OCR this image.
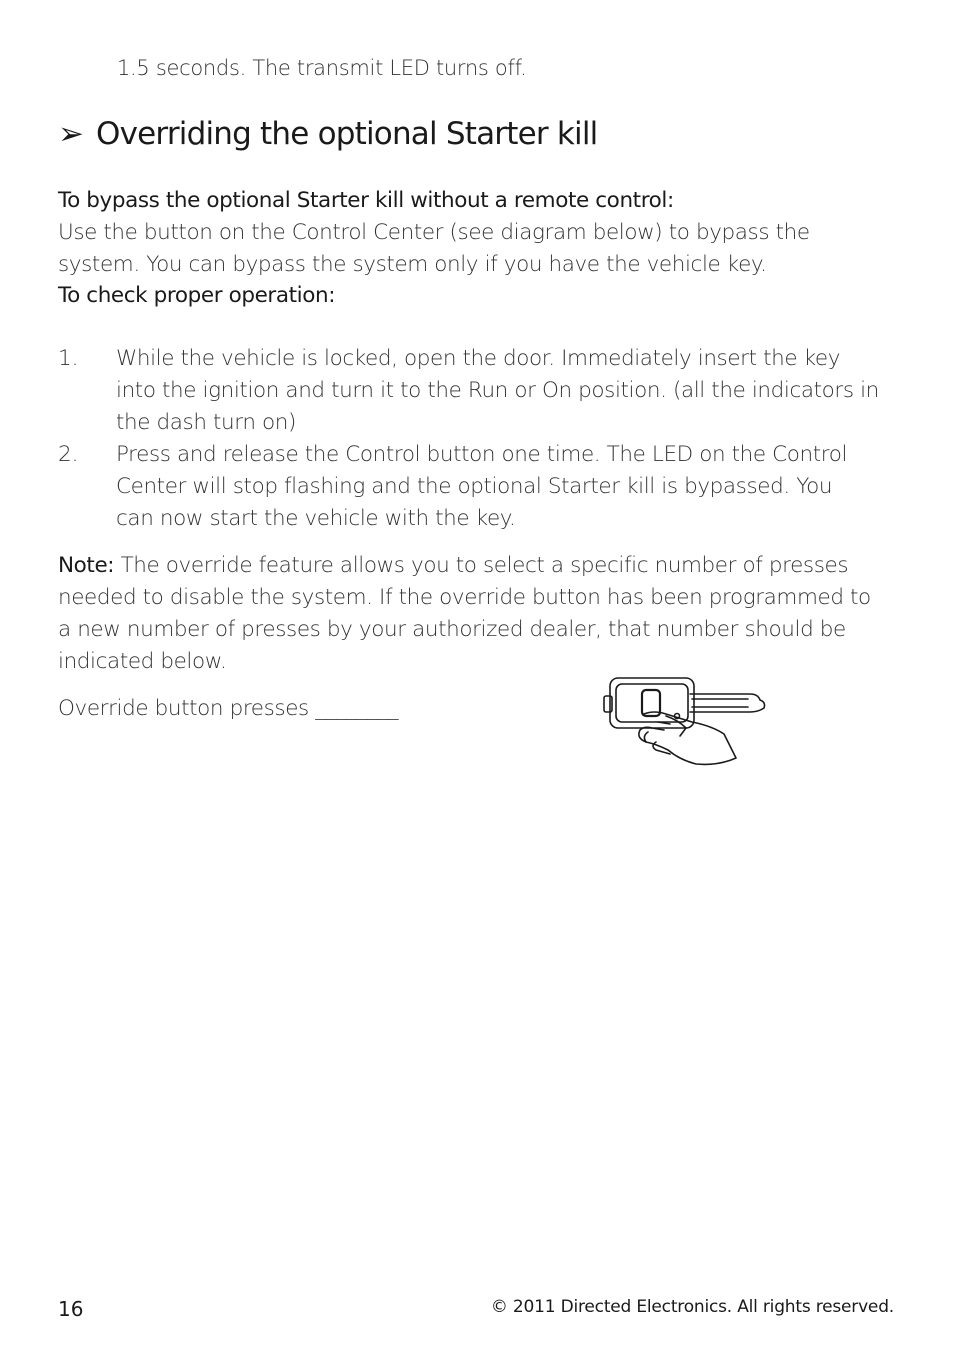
1.5 seconds. The transmit LED turns off.
➢ Overriding the optional Starter kill
To bypass the optional Starter kill without a remote control:
Use the button on the Control Center (see diagram below) to bypass the
system. You can bypass the system only if you have the vehicle key.
To check proper operation:
1. While the vehicle is locked, open the door. Immediately insert the key
into the ignition and turn it to the Run or On position. (all the indicators in
the dash turn on)
2. Press and release the Control button one time. The LED on the Control
Center will stop flashing and the optional Starter kill is bypassed. You
can now start the vehicle with the key.
Note: The override feature allows you to select a specific number of presses
needed to disable the system. If the override button has been programmed to
a new number of presses by your authorized dealer, that number should be
indicated below.
Override button presses ________
16	© 2011 Directed Electronics. All rights reserved.
